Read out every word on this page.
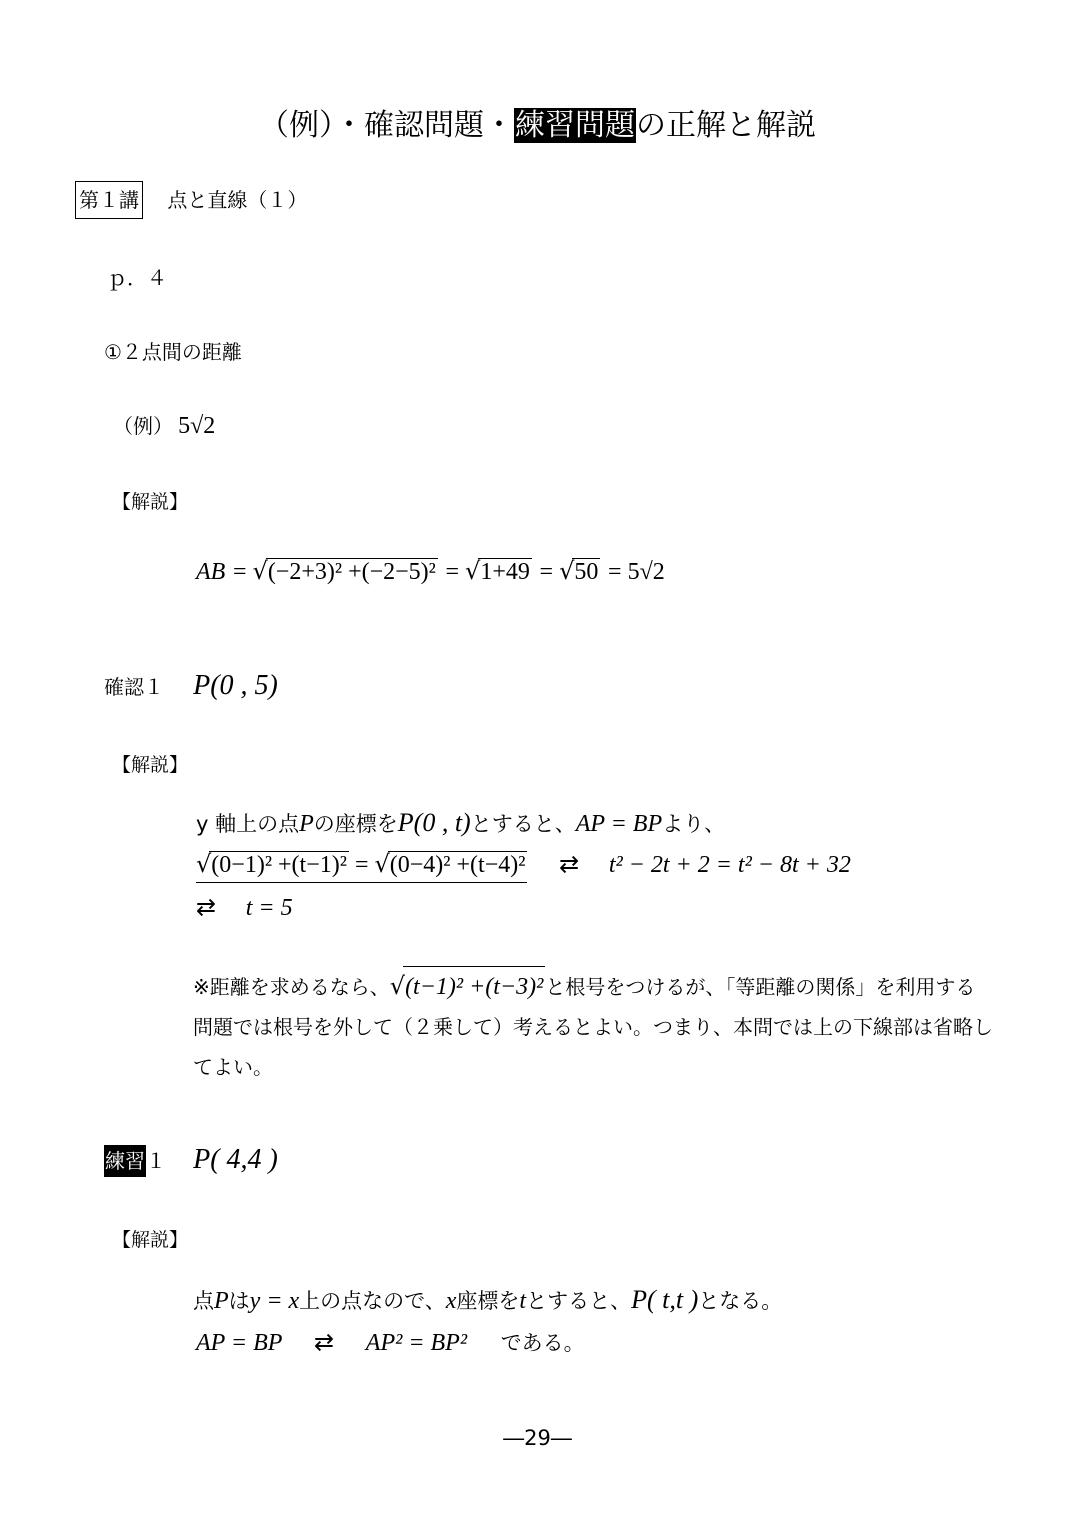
（例）・確認問題・練習問題の正解と解説
第１講 点と直線（１）
ｐ．４
①２点間の距離
（例） 5√2
【解説】
AB = √(−2+3)² +(−2−5)² = √1+49 = √50 = 5√2
確認１ P(0 , 5)
【解説】
y 軸上の点Pの座標をP(0 , t)とすると、AP = BPより、
√(0−1)² +(t−1)² = √(0−4)² +(t−4)² ⇄ t² − 2t + 2 = t² − 8t + 32
⇄ t = 5
※距離を求めるなら、√(t−1)² +(t−3)² と根号をつけるが、「等距離の関係」を利用する問題では根号を外して（２乗して）考えるとよい。つまり、本問では上の下線部は省略してよい。
練習１ P( 4,4 )
【解説】
点Pはy = x上の点なので、x座標をtとすると、P( t,t )となる。
AP = BP ⇄ AP² = BP² である。
―29―
